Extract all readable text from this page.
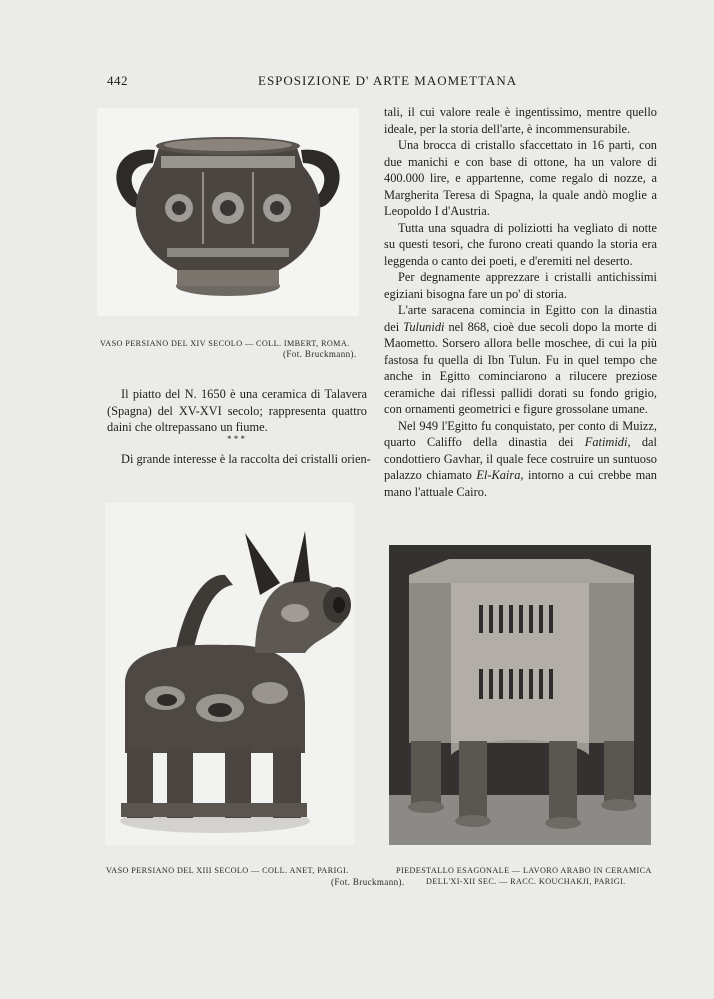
442	ESPOSIZIONE D' ARTE MAOMETTANA
VASO PERSIANO DEL XIV SECOLO — COLL. IMBERT, ROMA.
(Fot. Bruckmann).

Il piatto del N. 1650 è una ceramica di Talavera (Spagna) del XV-XVI secolo; rappresenta quattro daini che oltrepassano un fiume.

* * *

Di grande interesse è la raccolta dei cristalli orien-

tali, il cui valore reale è ingentissimo, mentre quello ideale, per la storia dell'arte, è incommensurabile.

Una brocca di cristallo sfaccettato in 16 parti, con due manichi e con base di ottone, ha un valore di 400.000 lire, e appartenne, come regalo di nozze, a Margherita Teresa di Spagna, la quale andò moglie a Leopoldo I d'Austria.

Tutta una squadra di poliziotti ha vegliato di notte su questi tesori, che furono creati quando la storia era leggenda o canto dei poeti, e d'eremiti nel deserto.

Per degnamente apprezzare i cristalli antichissimi egiziani bisogna fare un po' di storia.

L'arte saracena comincia in Egitto con la dinastia dei Tulunidi nel 868, cioè due secoli dopo la morte di Maometto. Sorsero allora belle moschee, di cui la più fastosa fu quella di Ibn Tulun. Fu in quel tempo che anche in Egitto cominciarono a rilucere preziose ceramiche dai riflessi pallidi dorati su fondo grigio, con ornamenti geometrici e figure grossolane umane.

Nel 949 l'Egitto fu conquistato, per conto di Muizz, quarto Califfo della dinastia dei Fatimidi, dal condottiero Gavhar, il quale fece costruire un suntuoso palazzo chiamato El-Kaira, intorno a cui crebbe man mano l'attuale Cairo.

VASO PERSIANO DEL XIII SECOLO — COLL. ANET, PARIGI.
(Fot. Bruckmann).
PIEDESTALLO ESAGONALE — LAVORO ARABO IN CERAMICA
DELL'XI-XII SEC. — RACC. KOUCHAKJI, PARIGI.
